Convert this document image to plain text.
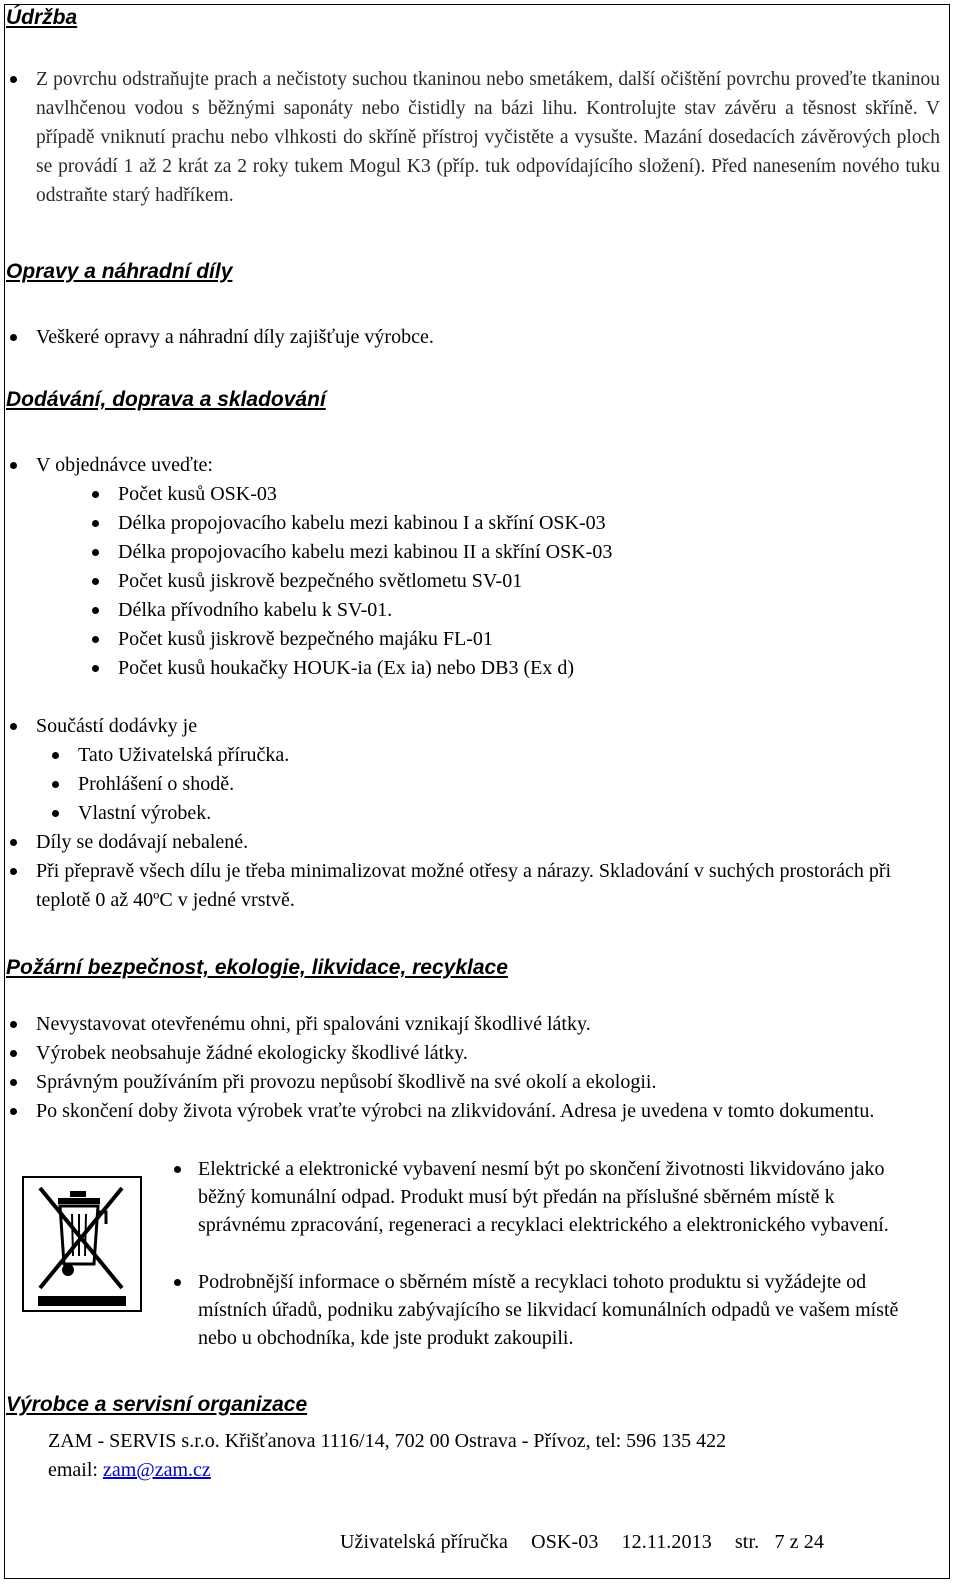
Údržba

Z povrchu odstraňujte prach a nečistoty suchou tkaninou nebo smetákem, další očištění povrchu proveďte tkaninou navlhčenou vodou s běžnými saponáty nebo čistidly na bázi lihu. Kontrolujte stav závěru a těsnost skříně. V případě vniknutí prachu nebo vlhkosti do skříně přístroj vyčistěte a vysušte. Mazání dosedacích závěrových ploch se provádí 1 až 2 krát za 2 roky tukem Mogul K3 (příp. tuk odpovídajícího složení). Před nanesením nového tuku odstraňte starý hadříkem.

Opravy a náhradní díly
Veškeré opravy a náhradní díly zajišťuje výrobce.
Dodávání, doprava a skladování
V objednávce uveďte:
Počet kusů OSK-03
Délka propojovacího kabelu mezi kabinou I a skříní OSK-03
Délka propojovacího kabelu mezi kabinou II a skříní OSK-03
Počet kusů jiskrově bezpečného světlometu SV-01
Délka přívodního kabelu k SV-01.
Počet kusů jiskrově bezpečného majáku FL-01
Počet kusů houkačky HOUK-ia (Ex ia) nebo DB3 (Ex d)
Součástí dodávky je
Tato Uživatelská příručka.
Prohlášení o shodě.
Vlastní výrobek.
Díly se dodávají nebalené.
Při přepravě všech dílu je třeba minimalizovat možné otřesy a nárazy. Skladování v suchých prostorách při teplotě 0 až 40ºC v jedné vrstvě.
Požární bezpečnost, ekologie, likvidace, recyklace
Nevystavovat otevřenému ohni, při spalováni vznikají škodlivé látky.
Výrobek neobsahuje žádné ekologicky škodlivé látky.
Správným používáním při provozu nepůsobí škodlivě na své okolí a ekologii.
Po skončení doby života výrobek vraťte výrobci na zlikvidování. Adresa je uvedena v tomto dokumentu.
Elektrické a elektronické vybavení nesmí být po skončení životnosti likvidováno jako běžný komunální odpad. Produkt musí být předán na příslušné sběrném místě k správnému zpracování, regeneraci a recyklaci elektrického a elektronického vybavení.
Podrobnější informace o sběrném místě a recyklaci tohoto produktu si vyžádejte od místních úřadů, podniku zabývajícího se likvidací komunálních odpadů ve vašem místě nebo u obchodníka, kde jste produkt zakoupili.
Výrobce a servisní organizace
ZAM - SERVIS s.r.o. Křišťanova 1116/14, 702 00 Ostrava - Přívoz, tel: 596 135 422
email: zam@zam.cz
Uživatelská příručka OSK-03 12.11.2013 str.   7 z 24
